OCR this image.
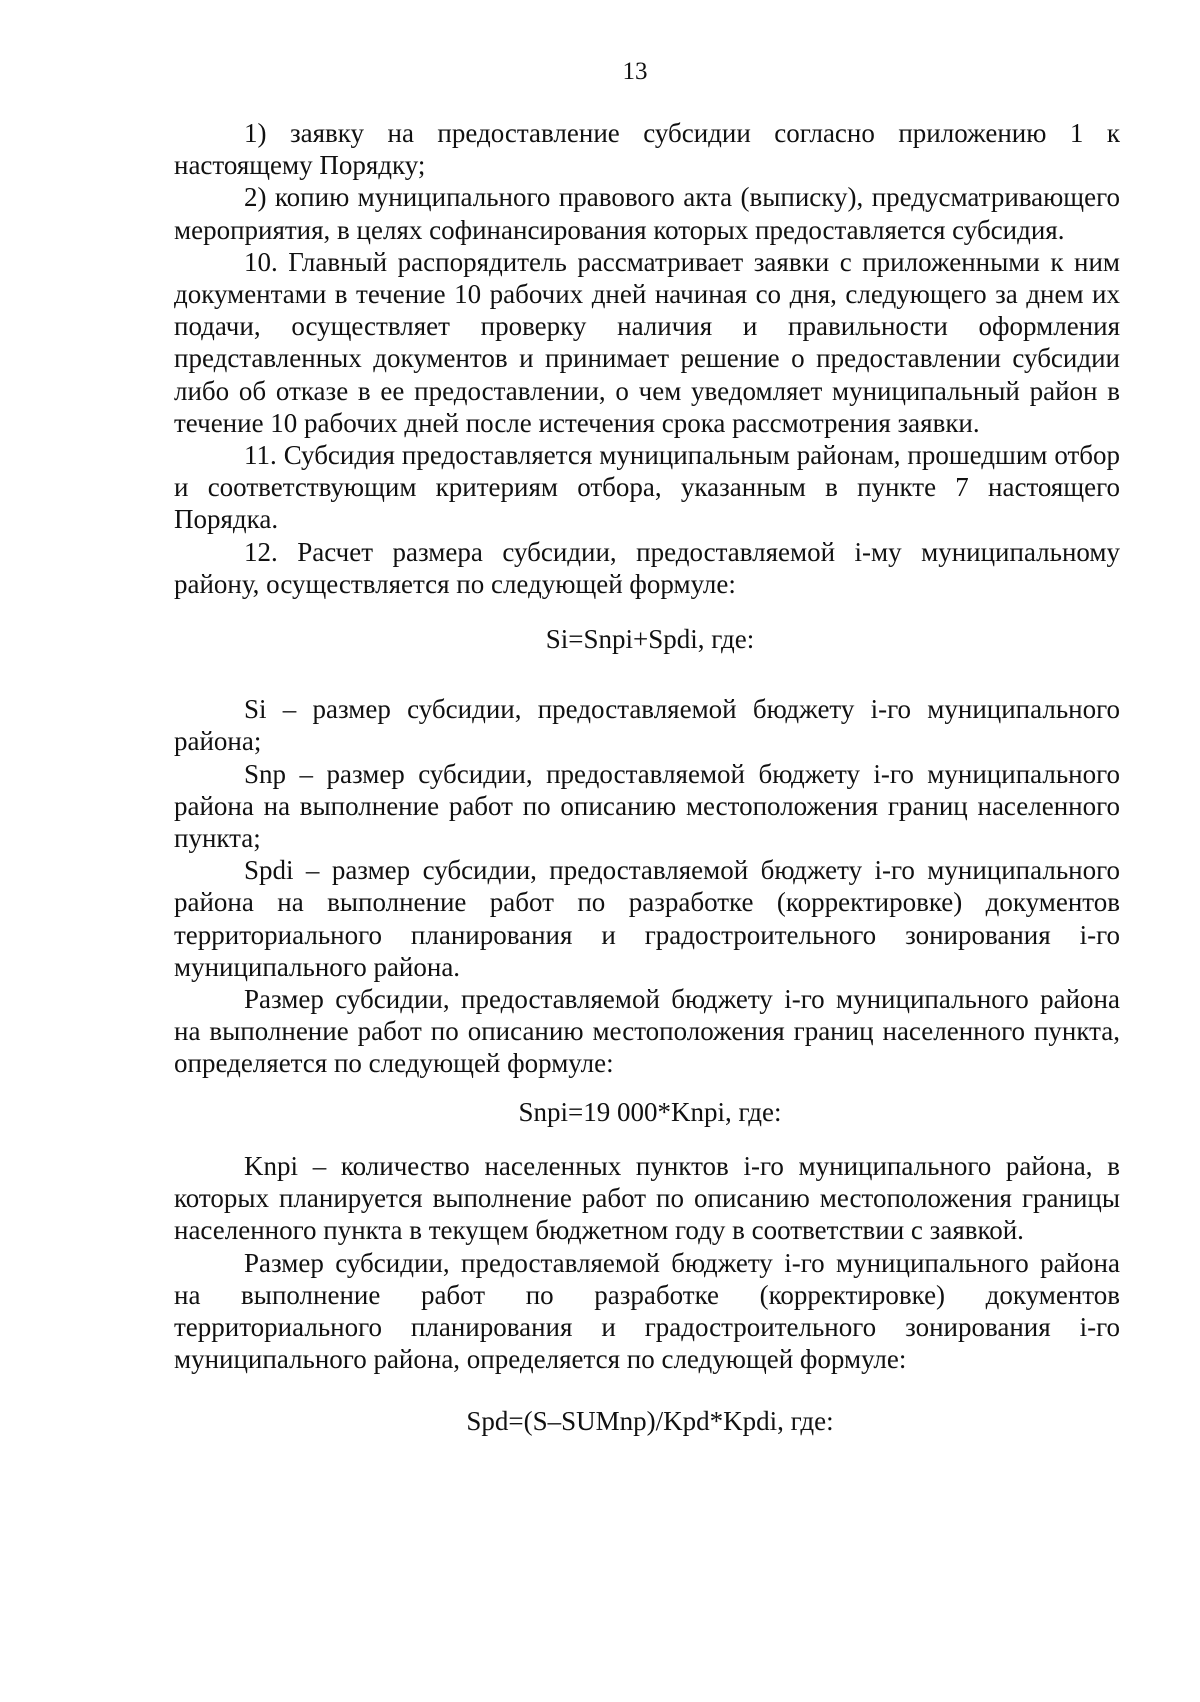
13

1) заявку на предоставление субсидии согласно приложению 1 к настоящему Порядку;

2) копию муниципального правового акта (выписку), предусматривающего мероприятия, в целях софинансирования которых предоставляется субсидия.

10. Главный распорядитель рассматривает заявки с приложенными к ним документами в течение 10 рабочих дней начиная со дня, следующего за днем их подачи, осуществляет проверку наличия и правильности оформления представленных документов и принимает решение о предоставлении субсидии либо об отказе в ее предоставлении, о чем уведомляет муниципальный район в течение 10 рабочих дней после истечения срока рассмотрения заявки.

11. Субсидия предоставляется муниципальным районам, прошедшим отбор и соответствующим критериям отбора, указанным в пункте 7 настоящего Порядка.

12. Расчет размера субсидии, предоставляемой i-му муниципальному району, осуществляется по следующей формуле:

Si=Snpi+Spdi, где:

Si – размер субсидии, предоставляемой бюджету i-го муниципального района;

Snp – размер субсидии, предоставляемой бюджету i-го муниципального района на выполнение работ по описанию местоположения границ населенного пункта;

Spdi – размер субсидии, предоставляемой бюджету i-го муниципального района на выполнение работ по разработке (корректировке) документов территориального планирования и градостроительного зонирования i-го муниципального района.

Размер субсидии, предоставляемой бюджету i-го муниципального района на выполнение работ по описанию местоположения границ населенного пункта, определяется по следующей формуле:

Snpi=19 000*Knpi, где:

Knpi – количество населенных пунктов i-го муниципального района, в которых планируется выполнение работ по описанию местоположения границы населенного пункта в текущем бюджетном году в соответствии с заявкой.

Размер субсидии, предоставляемой бюджету i-го муниципального района на выполнение работ по разработке (корректировке) документов территориального планирования и градостроительного зонирования i-го муниципального района, определяется по следующей формуле:

Spd=(S–SUMnp)/Kpd*Kpdi, где:
